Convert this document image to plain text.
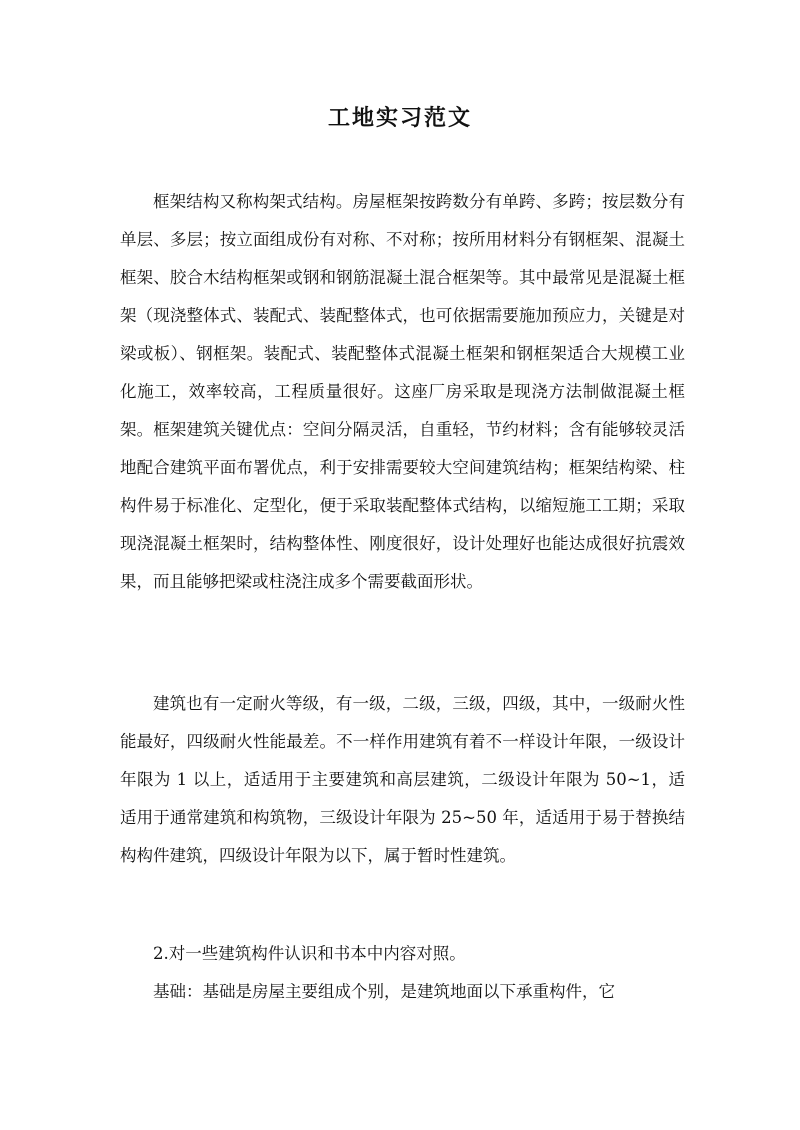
工地实习范文

框架结构又称构架式结构。房屋框架按跨数分有单跨、多跨；按层数分有单层、多层；按立面组成份有对称、不对称；按所用材料分有钢框架、混凝土框架、胶合木结构框架或钢和钢筋混凝土混合框架等。其中最常见是混凝土框架（现浇整体式、装配式、装配整体式，也可依据需要施加预应力，关键是对梁或板）、钢框架。装配式、装配整体式混凝土框架和钢框架适合大规模工业化施工，效率较高，工程质量很好。这座厂房采取是现浇方法制做混凝土框架。框架建筑关键优点：空间分隔灵活，自重轻，节约材料；含有能够较灵活地配合建筑平面布署优点，利于安排需要较大空间建筑结构；框架结构梁、柱构件易于标准化、定型化，便于采取装配整体式结构，以缩短施工工期；采取现浇混凝土框架时，结构整体性、刚度很好，设计处理好也能达成很好抗震效果，而且能够把梁或柱浇注成多个需要截面形状。

建筑也有一定耐火等级，有一级，二级，三级，四级，其中，一级耐火性能最好，四级耐火性能最差。不一样作用建筑有着不一样设计年限，一级设计年限为 1 以上，适适用于主要建筑和高层建筑，二级设计年限为 50~1，适适用于通常建筑和构筑物，三级设计年限为 25~50 年，适适用于易于替换结构构件建筑，四级设计年限为以下，属于暂时性建筑。

2.对一些建筑构件认识和书本中内容对照。

基础：基础是房屋主要组成个别，是建筑地面以下承重构件，它
